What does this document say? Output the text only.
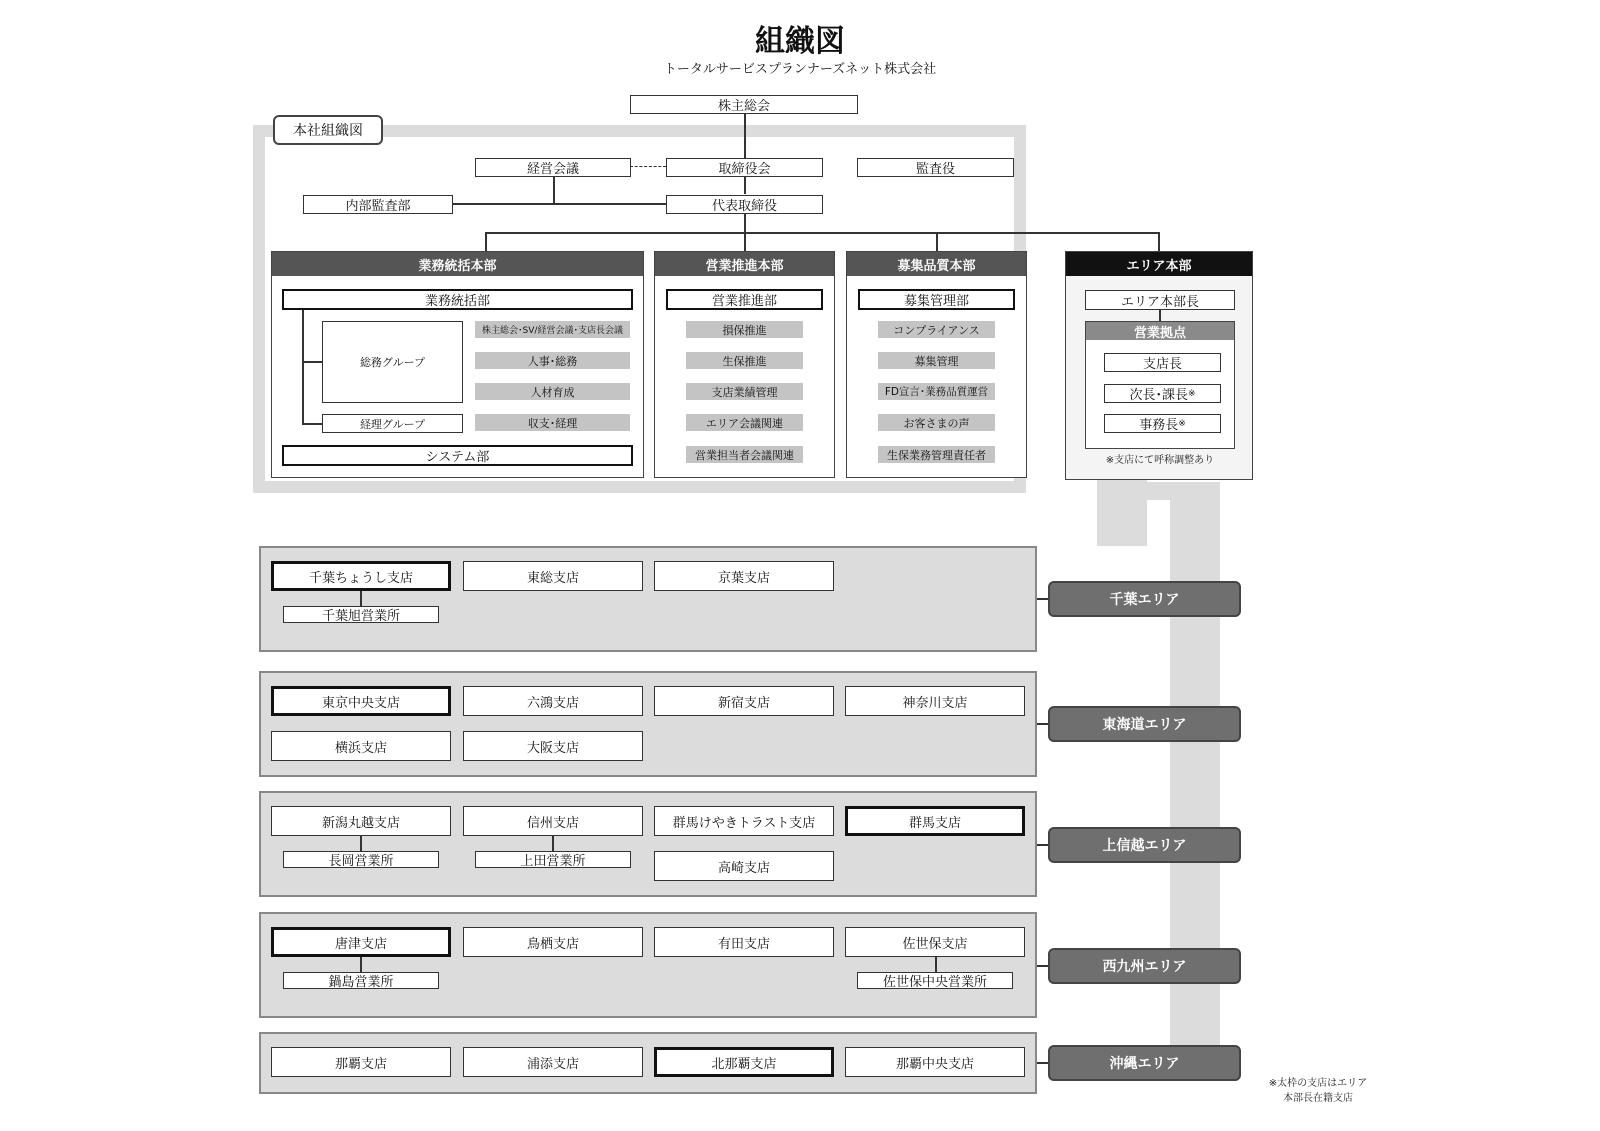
組織図
トータルサービスプランナーズネット株式会社
本社組織図
株主総会
経営会議	取締役会	監査役
内部監査部	代表取締役
業務統括本部
業務統括部
総務グループ
経理グループ
株主総会･SV/経営会議･支店長会議
人事･総務
人材育成
収支･経理
システム部
営業推進本部
営業推進部
損保推進
生保推進
支店業績管理
エリア会議関連
営業担当者会議関連
募集品質本部
募集管理部
コンプライアンス
募集管理
FD宣言･業務品質運営
お客さまの声
生保業務管理責任者
エリア本部
エリア本部長
営業拠点
支店長
次長･課長 ※
事務長 ※
※支店にて呼称調整あり
千葉ちょうし支店	東総支店	京葉支店
千葉旭営業所
千葉エリア
東京中央支店	六鴻支店	新宿支店	神奈川支店
横浜支店	大阪支店
東海道エリア
新潟丸越支店	信州支店	群馬けやきトラスト支店	群馬支店
高崎支店
長岡営業所	上田営業所
上信越エリア
唐津支店	鳥栖支店	有田支店	佐世保支店
鍋島営業所	佐世保中央営業所
西九州エリア
那覇支店	浦添支店	北那覇支店	那覇中央支店	沖縄エリア
※太枠の支店はエリア
本部長在籍支店
